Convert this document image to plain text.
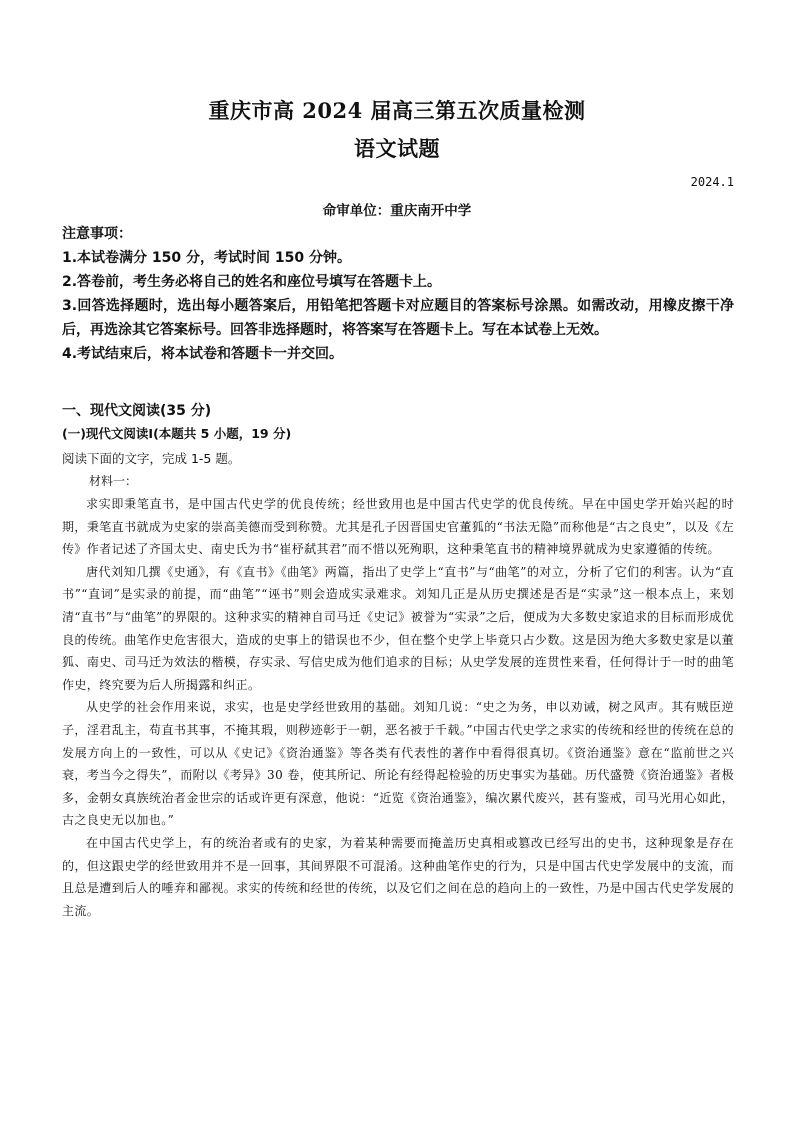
重庆市高 2024 届高三第五次质量检测
语文试题
2024.1
命审单位：重庆南开中学

注意事项：

1.本试卷满分 150 分，考试时间 150 分钟。

2.答卷前，考生务必将自己的姓名和座位号填写在答题卡上。

3.回答选择题时，选出每小题答案后，用铅笔把答题卡对应题目的答案标号涂黑。如需改动，用橡皮擦干净后，再选涂其它答案标号。回答非选择题时，将答案写在答题卡上。写在本试卷上无效。

4.考试结束后，将本试卷和答题卡一并交回。

一、现代文阅读(35 分)
(一)现代文阅读Ⅰ(本题共 5 小题，19 分)
阅读下面的文字，完成 1-5 题。
材料一：

求实即秉笔直书，是中国古代史学的优良传统；经世致用也是中国古代史学的优良传统。早在中国史学开始兴起的时期，秉笔直书就成为史家的崇高美德而受到称赞。尤其是孔子因晋国史官董狐的“书法无隐”而称他是“古之良史”，以及《左传》作者记述了齐国太史、南史氏为书“崔杼弑其君”而不惜以死殉职，这种秉笔直书的精神境界就成为史家遵循的传统。

唐代刘知几撰《史通》，有《直书》《曲笔》两篇，指出了史学上“直书”与“曲笔”的对立，分析了它们的利害。认为“直书”“直词”是实录的前提，而“曲笔”“诬书”则会造成实录难求。刘知几正是从历史撰述是否是“实录”这一根本点上，来划清“直书”与“曲笔”的界限的。这种求实的精神自司马迁《史记》被誉为“实录”之后，便成为大多数史家追求的目标而形成优良的传统。曲笔作史危害很大，造成的史事上的错误也不少，但在整个史学上毕竟只占少数。这是因为绝大多数史家是以董狐、南史、司马迁为效法的楷模，存实录、写信史成为他们追求的目标；从史学发展的连贯性来看，任何得计于一时的曲笔作史，终究要为后人所揭露和纠正。

从史学的社会作用来说，求实，也是史学经世致用的基础。刘知几说：“史之为务，申以劝诫，树之风声。其有贼臣逆子，淫君乱主，苟直书其事，不掩其瑕，则秽迹彰于一朝，恶名被于千载。”中国古代史学之求实的传统和经世的传统在总的发展方向上的一致性，可以从《史记》《资治通鉴》等各类有代表性的著作中看得很真切。《资治通鉴》意在“监前世之兴衰，考当今之得失”，而附以《考异》30 卷，使其所记、所论有经得起检验的历史事实为基础。历代盛赞《资治通鉴》者极多，金朝女真族统治者金世宗的话或许更有深意，他说：“近览《资治通鉴》，编次累代废兴，甚有鉴戒，司马光用心如此，古之良史无以加也。”

在中国古代史学上，有的统治者或有的史家，为着某种需要而掩盖历史真相或篡改已经写出的史书，这种现象是存在的，但这跟史学的经世致用并不是一回事，其间界限不可混淆。这种曲笔作史的行为，只是中国古代史学发展中的支流，而且总是遭到后人的唾弃和鄙视。求实的传统和经世的传统，以及它们之间在总的趋向上的一致性，乃是中国古代史学发展的主流。
